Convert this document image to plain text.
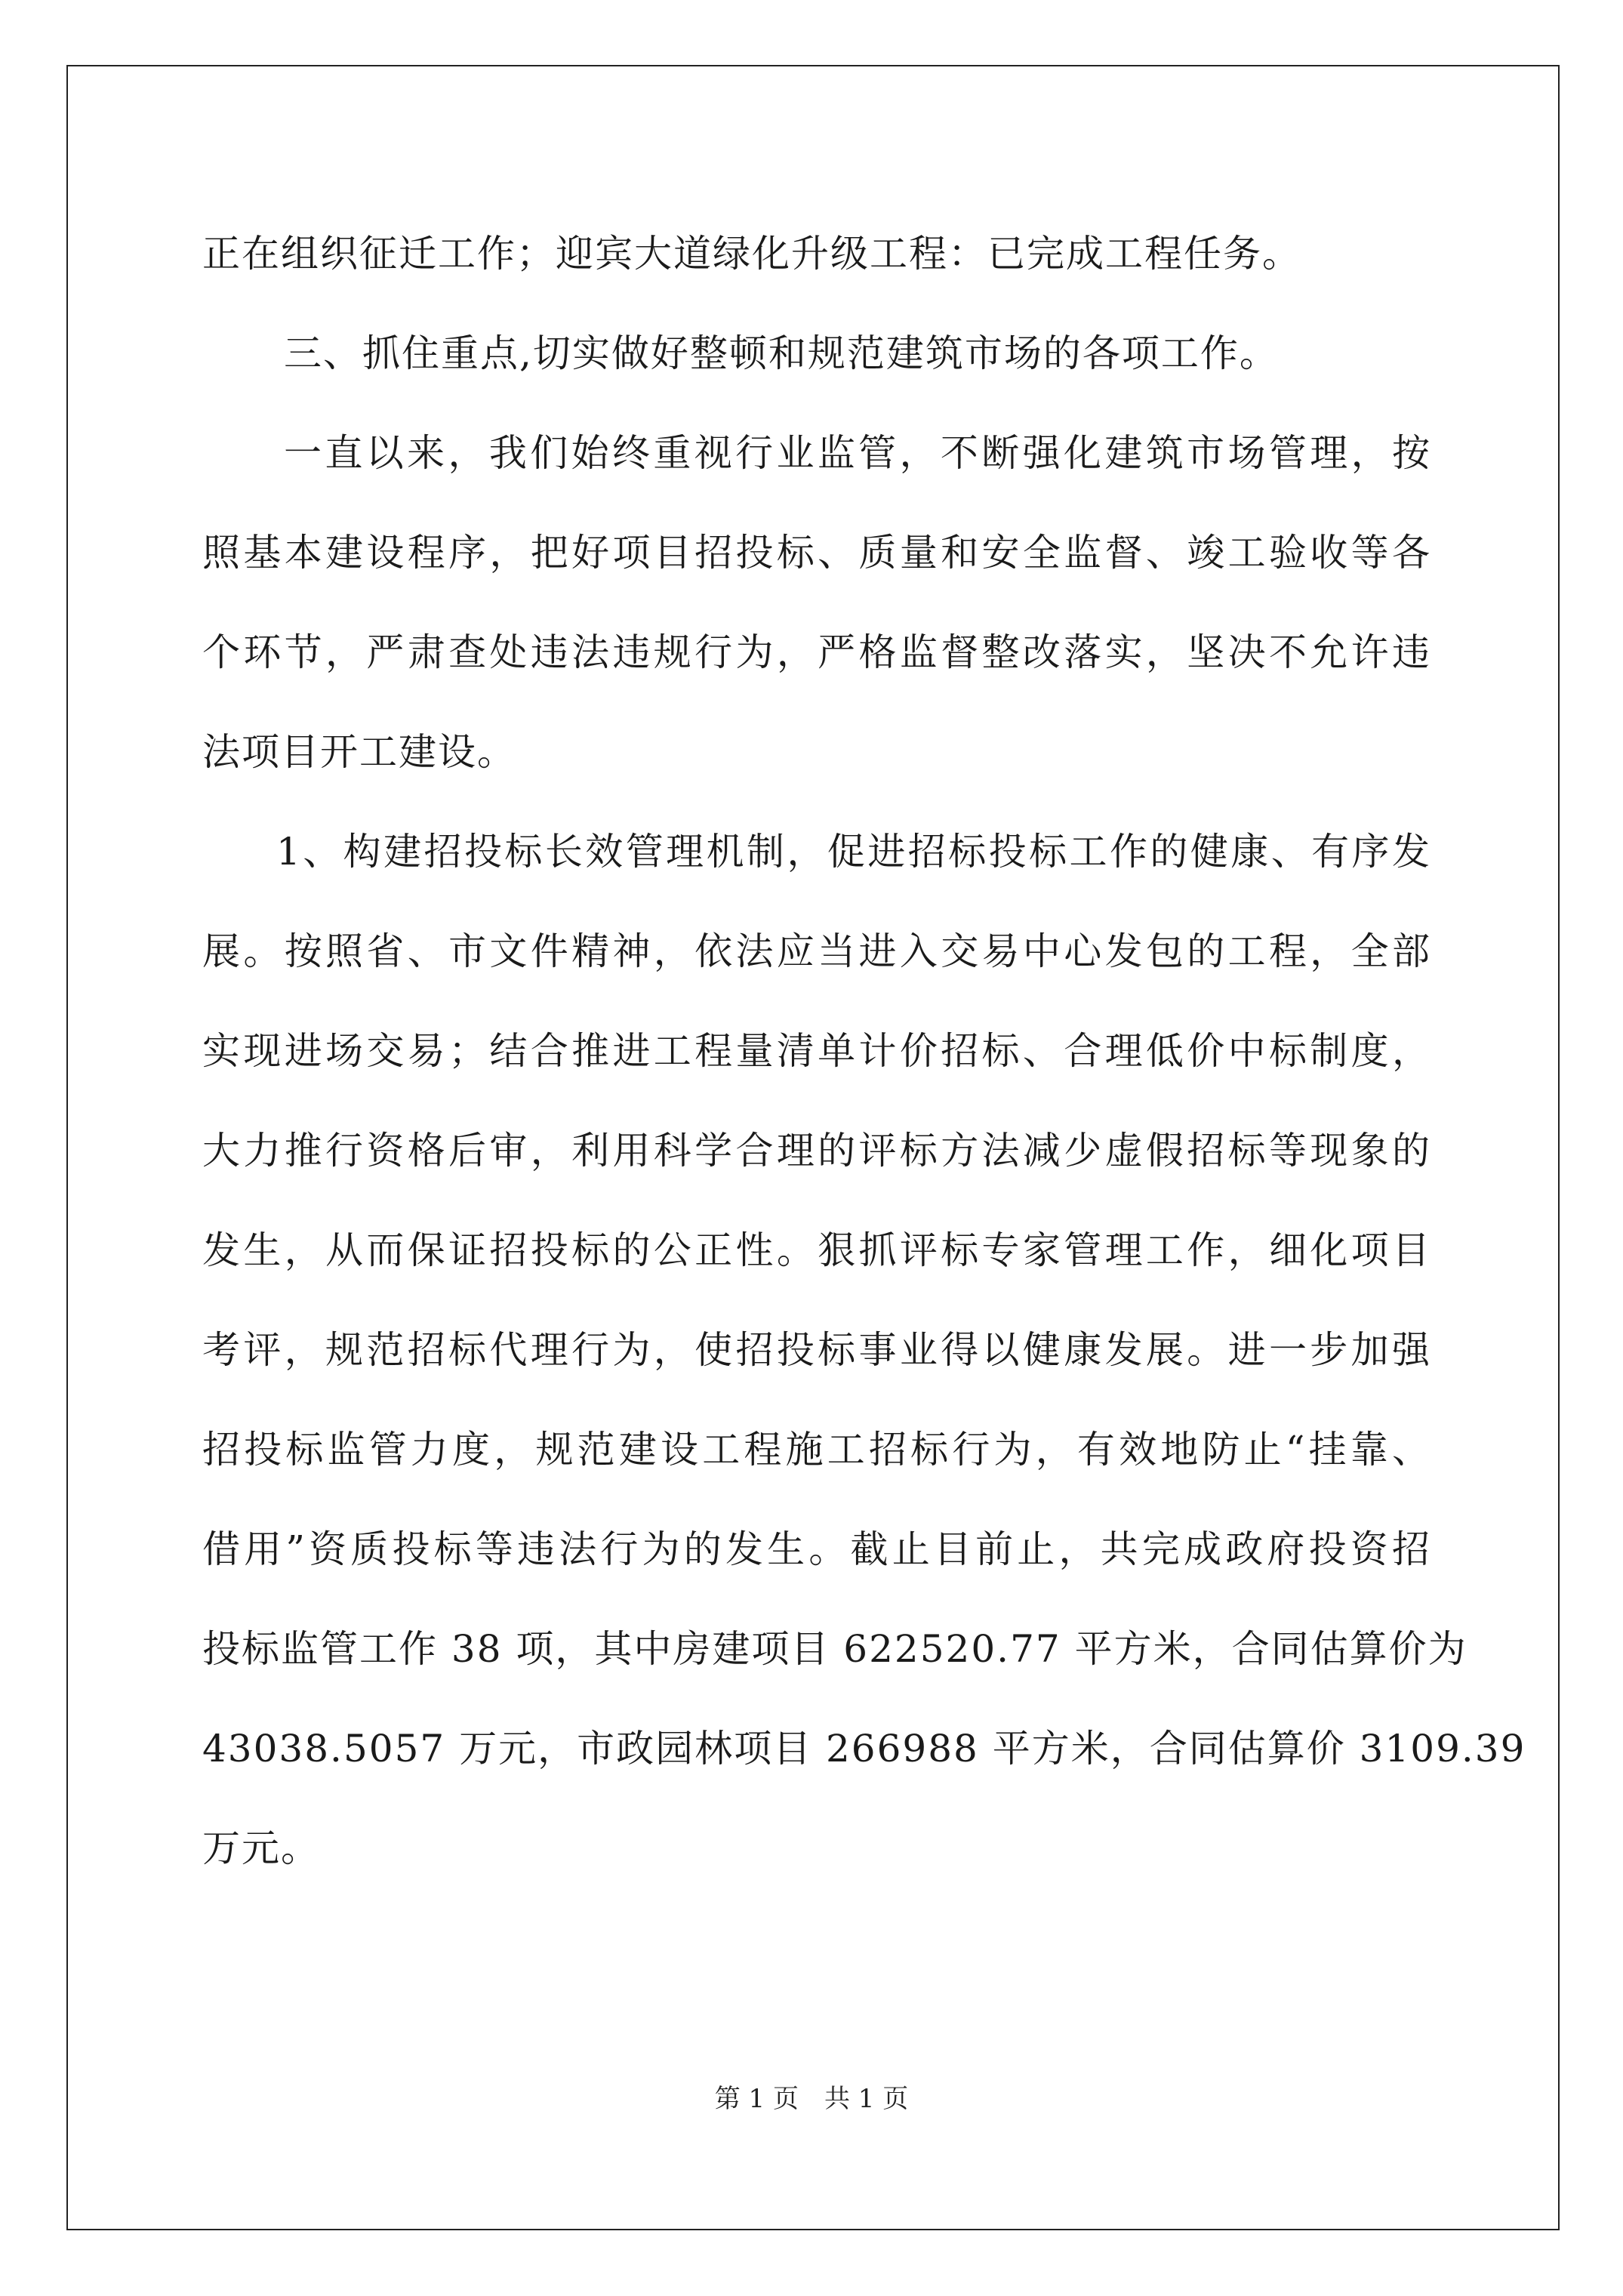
正在组织征迁工作；迎宾大道绿化升级工程：已完成工程任务。
三、抓住重点,切实做好整顿和规范建筑市场的各项工作。
一直以来，我们始终重视行业监管，不断强化建筑市场管理，按
照基本建设程序，把好项目招投标、质量和安全监督、竣工验收等各
个环节，严肃查处违法违规行为，严格监督整改落实，坚决不允许违
法项目开工建设。
1、构建招投标长效管理机制，促进招标投标工作的健康、有序发
展。按照省、市文件精神，依法应当进入交易中心发包的工程，全部
实现进场交易；结合推进工程量清单计价招标、合理低价中标制度，
大力推行资格后审，利用科学合理的评标方法减少虚假招标等现象的
发生，从而保证招投标的公正性。狠抓评标专家管理工作，细化项目
考评，规范招标代理行为，使招投标事业得以健康发展。进一步加强
招投标监管力度，规范建设工程施工招标行为，有效地防止“挂靠、
借用”资质投标等违法行为的发生。截止目前止，共完成政府投资招
投标监管工作 38 项，其中房建项目 622520.77 平方米，合同估算价为
43038.5057 万元，市政园林项目 266988 平方米，合同估算价 3109.39
万元。
第 1 页　共 1 页
